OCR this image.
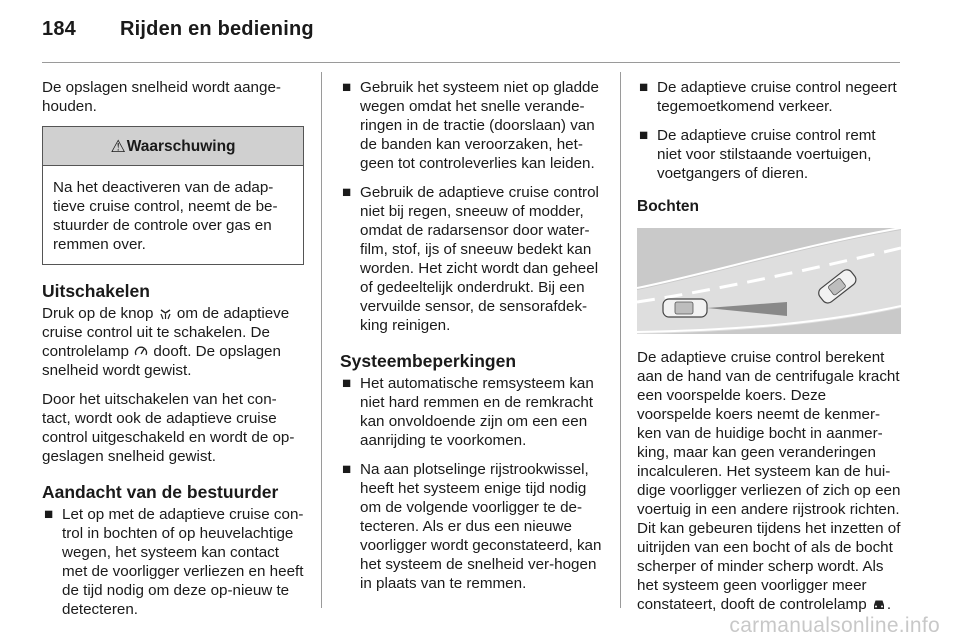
184 Rijden en bediening

De opslagen snelheid wordt aange-houden.

⚠ Waarschuwing
Na het deactiveren van de adap-tieve cruise control, neemt de be-stuurder de controle over gas en remmen over.
Uitschakelen

Druk op de knop om de adaptieve cruise control uit te schakelen. De controlelamp dooft. De opslagen snelheid wordt gewist.

Door het uitschakelen van het con-tact, wordt ook de adaptieve cruise control uitgeschakeld en wordt de op-geslagen snelheid gewist.

Aandacht van de bestuurder
■ Let op met de adaptieve cruise con-trol in bochten of op heuvelachtige wegen, het systeem kan contact met de voorligger verliezen en heeft de tijd nodig om deze op-nieuw te detecteren.
■ Gebruik het systeem niet op gladde wegen omdat het snelle verande-ringen in de tractie (doorslaan) van de banden kan veroorzaken, het-geen tot controleverlies kan leiden.
■ Gebruik de adaptieve cruise control niet bij regen, sneeuw of modder, omdat de radarsensor door water-film, stof, ijs of sneeuw bedekt kan worden. Het zicht wordt dan geheel of gedeeltelijk onderdrukt. Bij een vervuilde sensor, de sensorafdek-king reinigen.
Systeembeperkingen
■ Het automatische remsysteem kan niet hard remmen en de remkracht kan onvoldoende zijn om een een aanrijding te voorkomen.
■ Na aan plotselinge rijstrookwissel, heeft het systeem enige tijd nodig om de volgende voorligger te de-tecteren. Als er dus een nieuwe voorligger wordt geconstateerd, kan het systeem de snelheid ver-hogen in plaats van te remmen.
■ De adaptieve cruise control negeert tegemoetkomend verkeer.
■ De adaptieve cruise control remt niet voor stilstaande voertuigen, voetgangers of dieren.
Bochten

De adaptieve cruise control berekent aan de hand van de centrifugale kracht een voorspelde koers. Deze voorspelde koers neemt de kenmer-ken van de huidige bocht in aanmer-king, maar kan geen veranderingen incalculeren. Het systeem kan de hui-dige voorligger verliezen of zich op een voertuig in een andere rijstrook richten. Dit kan gebeuren tijdens het inzetten of uitrijden van een bocht of als de bocht scherper of minder scherp wordt. Als het systeem geen voorligger meer constateert, dooft de controlelamp .

carmanualsonline.info
